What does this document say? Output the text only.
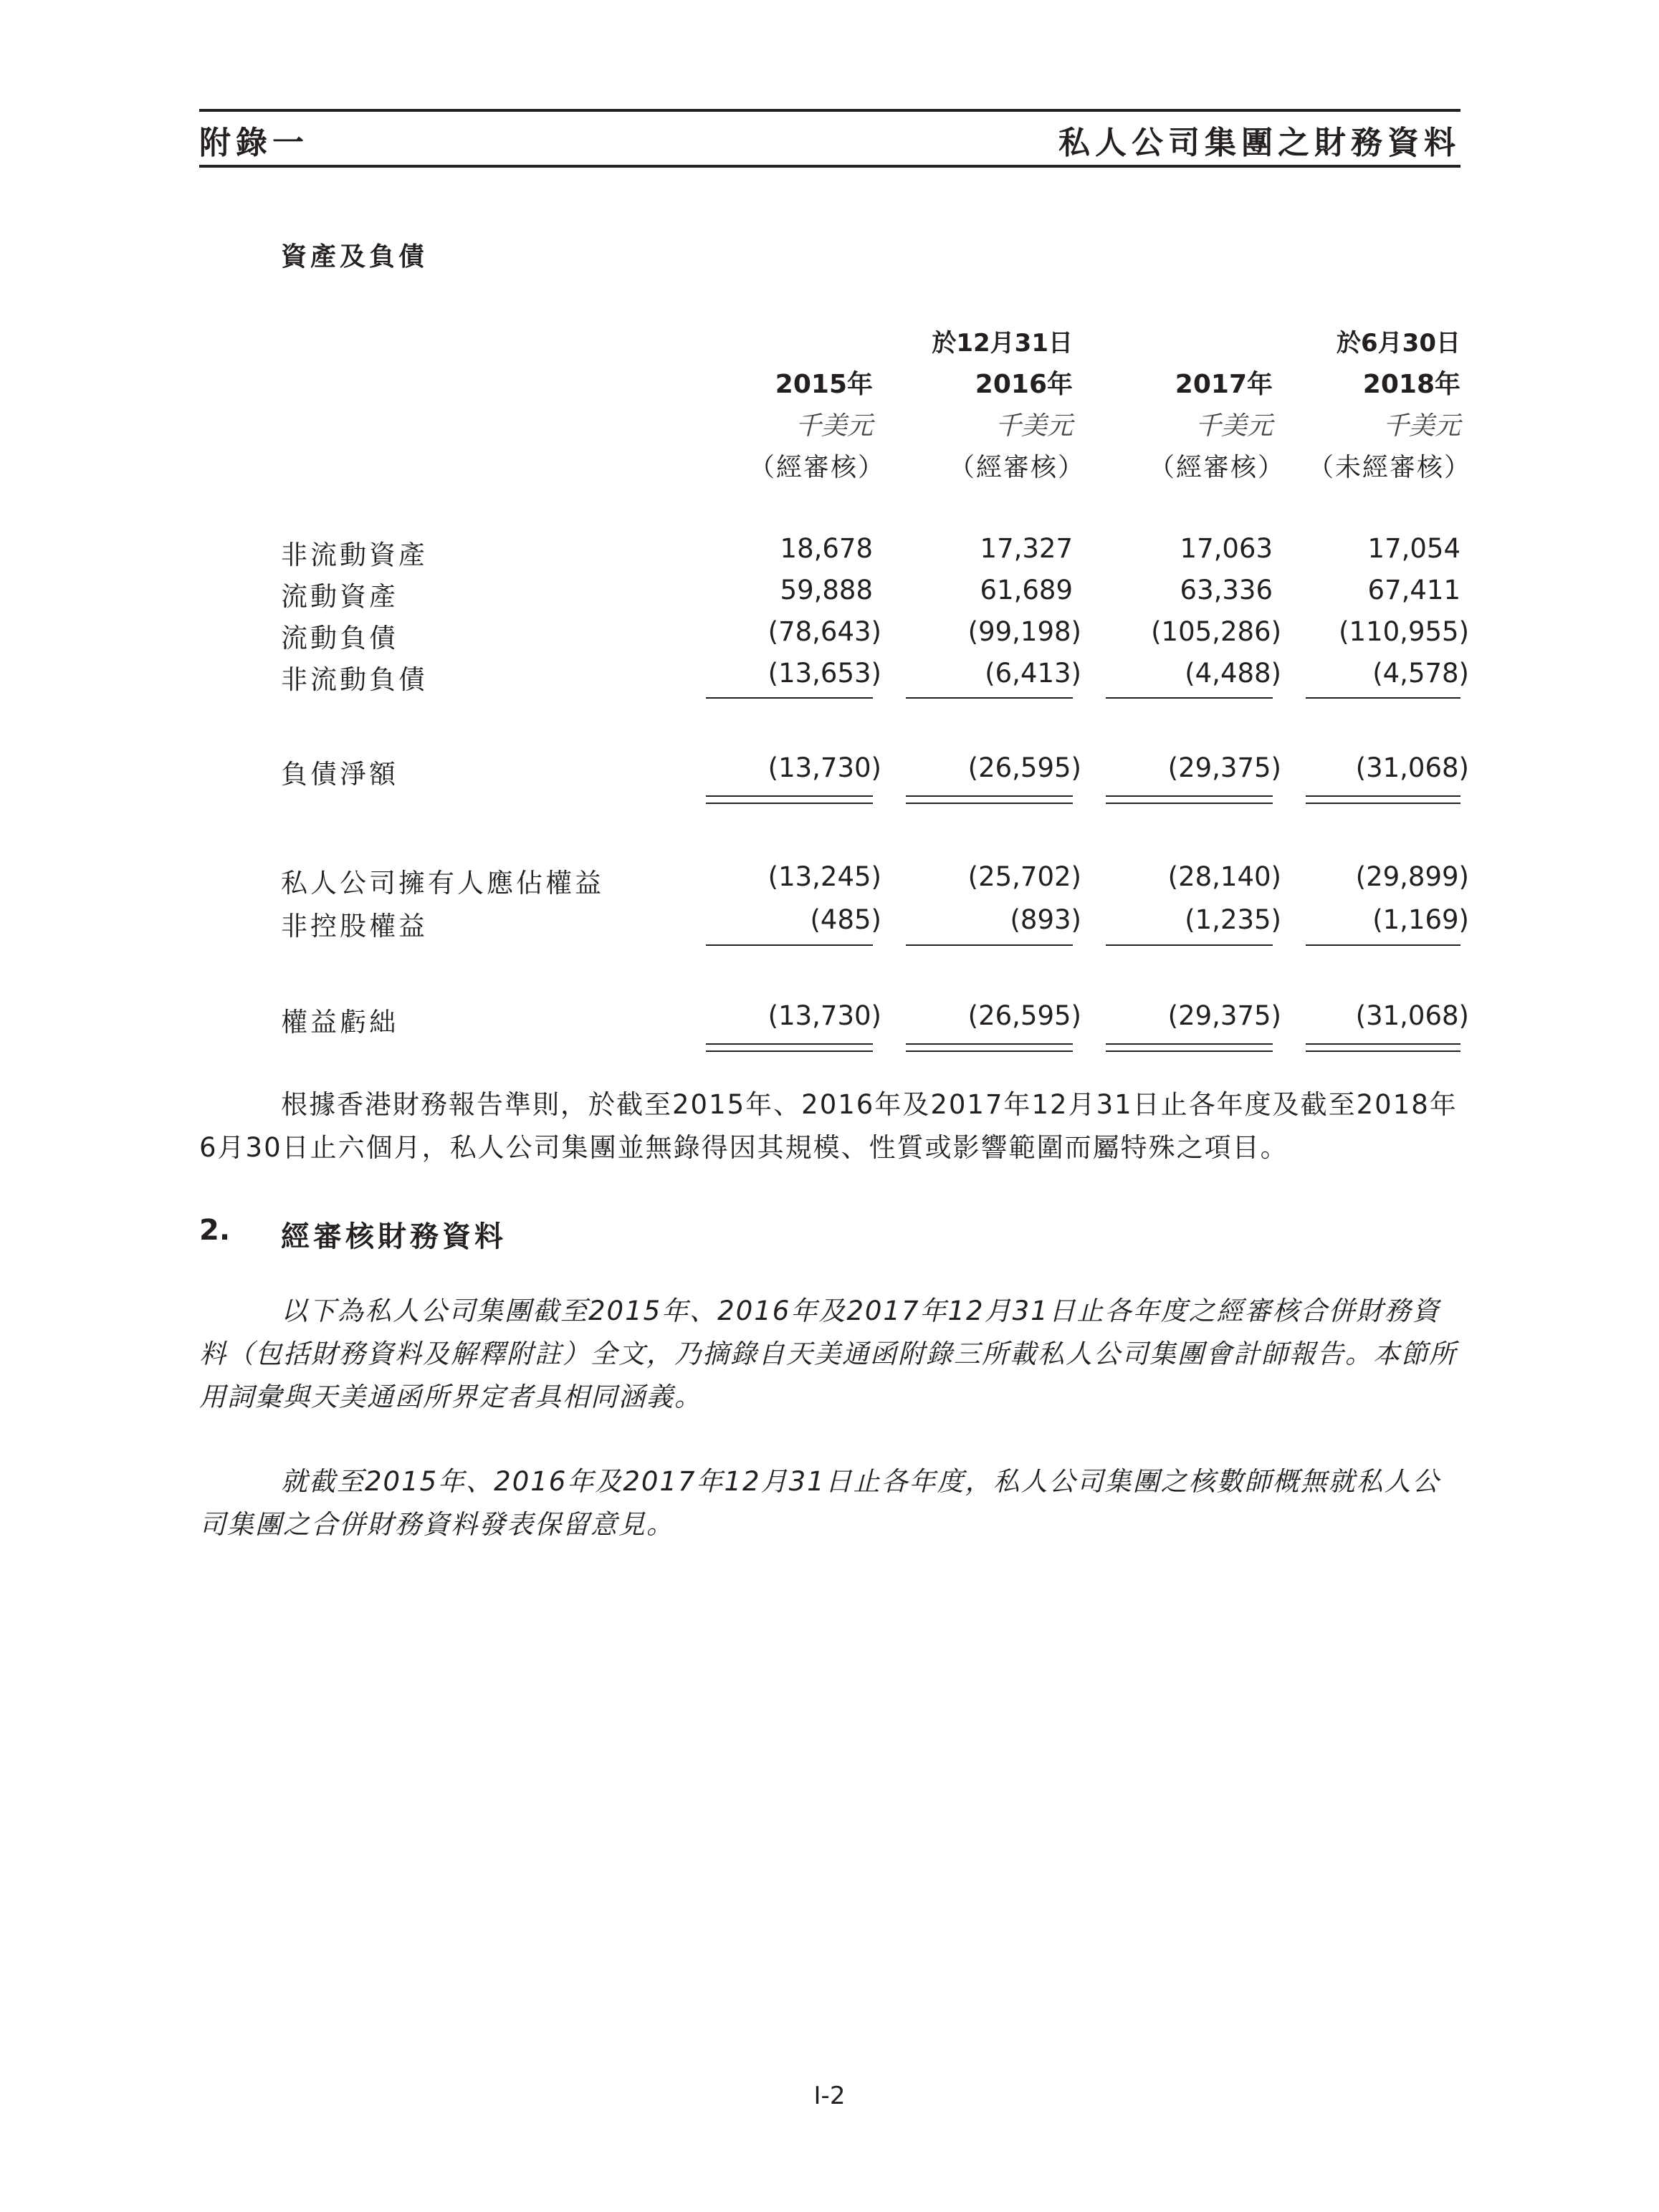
附錄一	私人公司集團之財務資料
資產及負債
於12月31日	於6月30日
2015年	2016年	2017年	2018年
千美元	千美元	千美元	千美元
（經審核） （經審核） （經審核） （未經審核）
非流動資產	18,678	17,327	17,063	17,054
流動資產	59,888	61,689	63,336	67,411
流動負債	(78,643)	(99,198)	(105,286) (110,955)
非流動負債	(13,653)	(6,413)	(4,488)	(4,578)
負債淨額	(13,730)	(26,595)	(29,375)	(31,068)
私人公司擁有人應佔權益	(13,245)	(25,702)	(28,140)	(29,899)
非控股權益	(485)	(893)	(1,235)	(1,169)
權益虧絀	(13,730)	(26,595)	(29,375)	(31,068)
根據香港財務報告準則，於截至2015年、2016年及2017年12月31日止各年度及截至2018年6月30日止六個月，私人公司集團並無錄得因其規模、性質或影響範圍而屬特殊之項目。
2. 經審核財務資料
以下為私人公司集團截至2015年、2016年及2017年12月31日止各年度之經審核合併財務資料（包括財務資料及解釋附註）全文，乃摘錄自天美通函附錄三所載私人公司集團會計師報告。本節所用詞彙與天美通函所界定者具相同涵義。
就截至2015年、2016年及2017年12月31日止各年度，私人公司集團之核數師概無就私人公司集團之合併財務資料發表保留意見。
I-2
